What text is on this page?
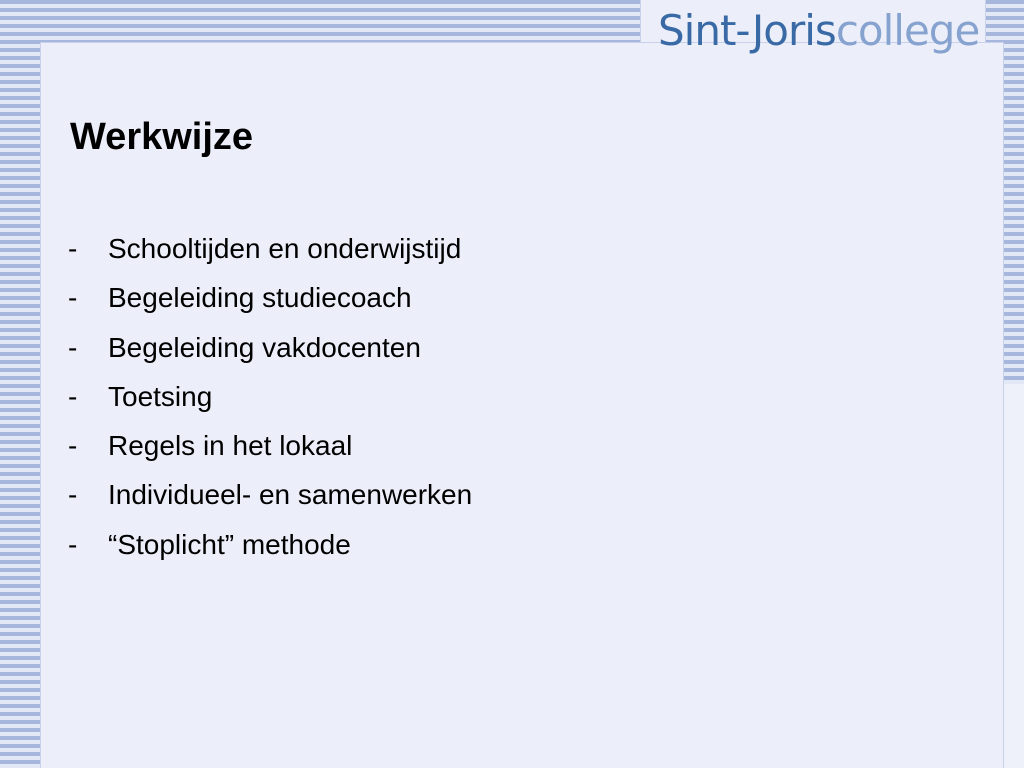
Sint-Joriscollege
Werkwijze
-	Schooltijden en onderwijstijd
-	Begeleiding studiecoach
-	Begeleiding vakdocenten
-	Toetsing
-	Regels in het lokaal
-	Individueel- en samenwerken
-	“Stoplicht” methode
